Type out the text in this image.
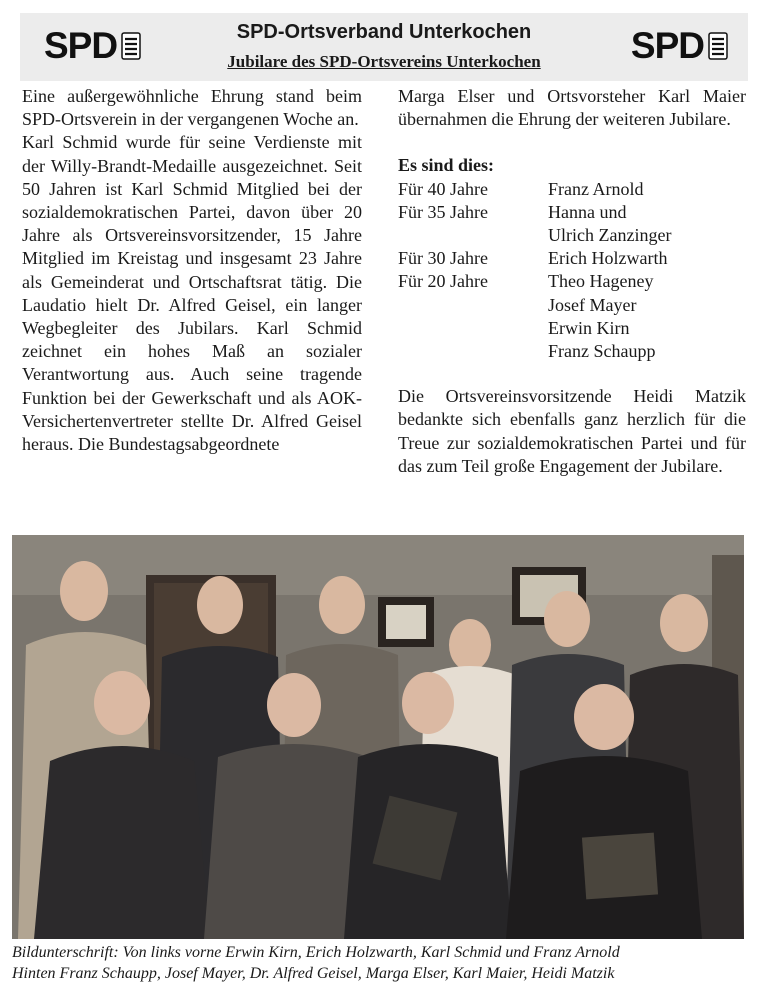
SPD	SPD-Ortsverband Unterkochen
Jubilare des SPD-Ortsvereins Unterkochen	SPD

Eine außergewöhnliche Ehrung stand beim SPD-Ortsverein in der vergangenen Woche an.

Karl Schmid wurde für seine Verdienste mit der Willy-Brandt-Medaille ausgezeichnet. Seit 50 Jahren ist Karl Schmid Mitglied bei der sozialdemokratischen Partei, davon über 20 Jahre als Ortsvereinsvorsitzender, 15 Jahre Mitglied im Kreistag und insgesamt 23 Jahre als Gemeinderat und Ortschaftsrat tätig. Die Laudatio hielt Dr. Alfred Geisel, ein langer Wegbegleiter des Jubilars. Karl Schmid zeichnet ein hohes Maß an sozialer Verantwortung aus. Auch seine tragende Funktion bei der Gewerkschaft und als AOK-Versichertenvertreter stellte Dr. Alfred Geisel heraus. Die Bundestagsabgeordnete

Marga Elser und Ortsvorsteher Karl Maier übernahmen die Ehrung der weiteren Jubilare.

Es sind dies:

Für 40 Jahre	Franz Arnold

Für 35 Jahre	Hanna und
Ulrich Zanzinger

Für 30 Jahre	Erich Holzwarth

Für 20 Jahre	Theo Hageney
Josef Mayer
Erwin Kirn
Franz Schaupp

Die Ortsvereinsvorsitzende Heidi Matzik bedankte sich ebenfalls ganz herzlich für die Treue zur sozialdemokratischen Partei und für das zum Teil große Engagement der Jubilare.

Bildunterschrift: Von links vorne Erwin Kirn, Erich Holzwarth, Karl Schmid und Franz Arnold
Hinten Franz Schaupp, Josef Mayer, Dr. Alfred Geisel, Marga Elser, Karl Maier, Heidi Matzik
